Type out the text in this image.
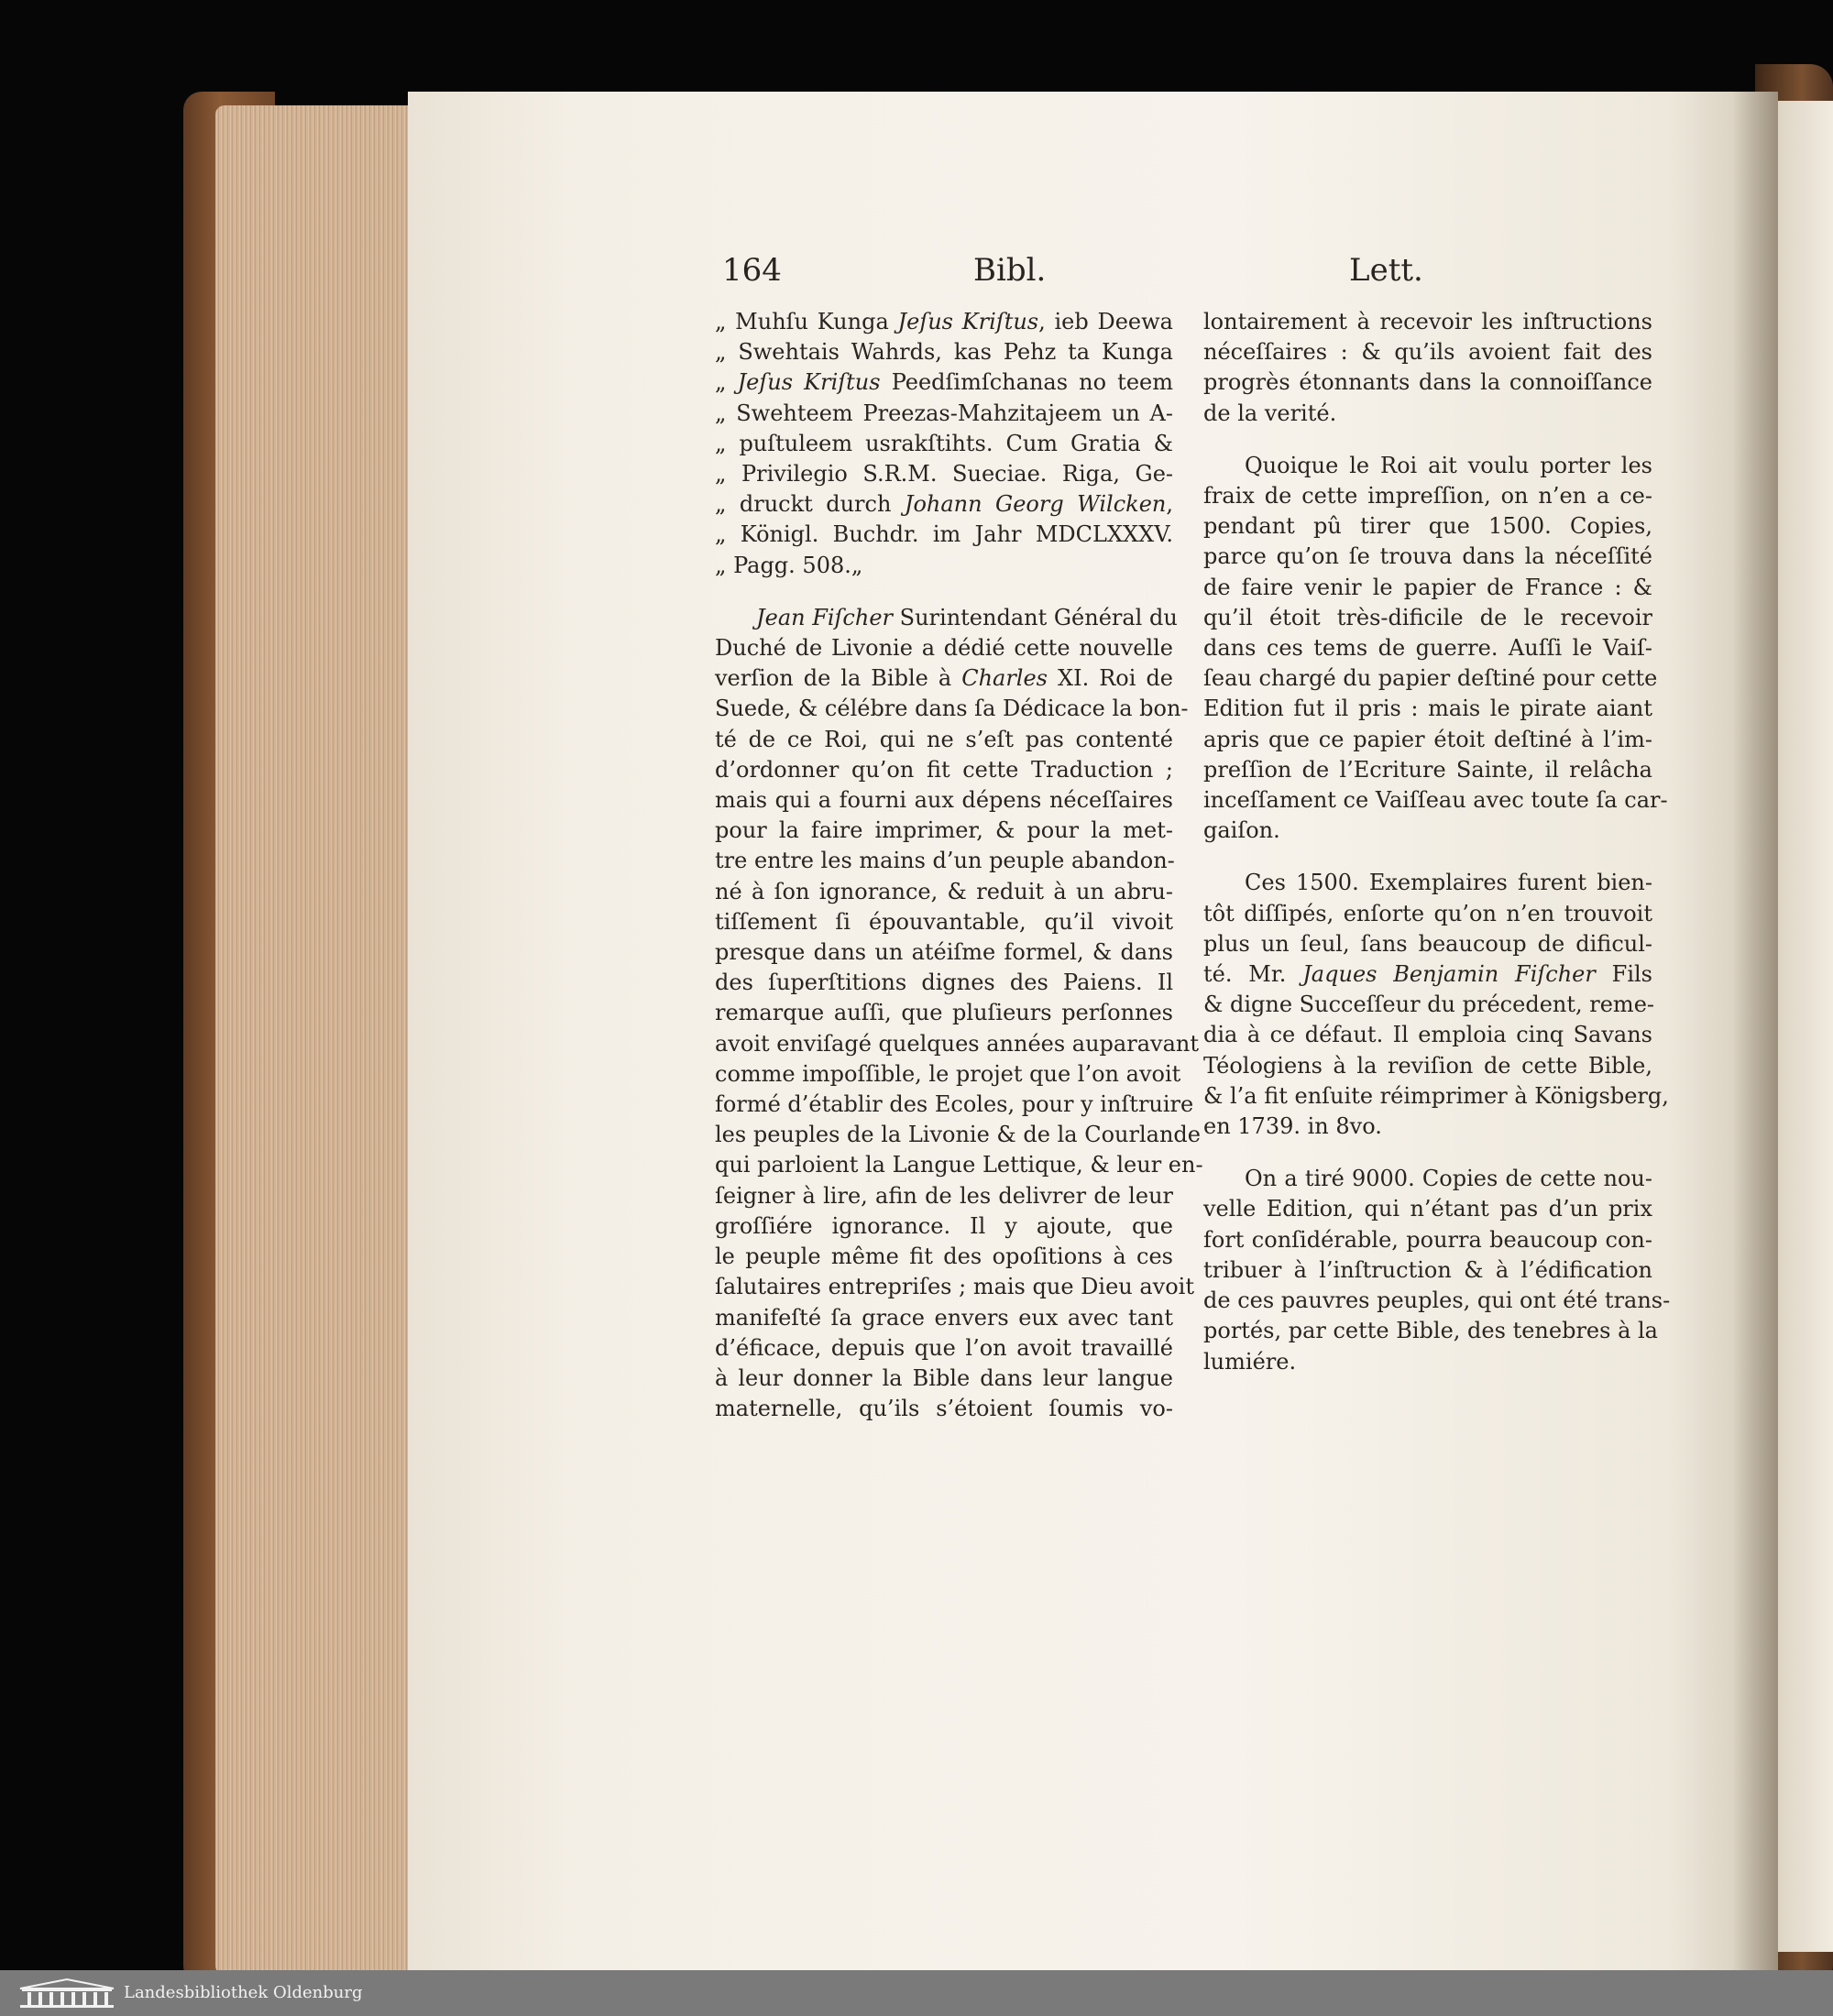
164	Bibl.	Lett.
„ Muhſu Kunga Jeſus Kriſtus, ieb Deewa
„ Swehtais Wahrds, kas Pehz ta Kunga
„ Jeſus Kriſtus Peedſimſchanas no teem
„ Swehteem Preezas-Mahzitajeem un A-
„ puſtuleem usrakſtihts. Cum Gratia &
„ Privilegio S.R.M. Sueciae. Riga, Ge-
„ druckt durch Johann Georg Wilcken,
„ Königl. Buchdr. im Jahr MDCLXXXV.
„ Pagg. 508.„
Jean Fiſcher Surintendant Général du
Duché de Livonie a dédié cette nouvelle
verſion de la Bible à Charles XI. Roi de
Suede, & célébre dans ſa Dédicace la bon-
té de ce Roi, qui ne s’eſt pas contenté
d’ordonner qu’on fit cette Traduction ;
mais qui a fourni aux dépens néceſſaires
pour la faire imprimer, & pour la met-
tre entre les mains d’un peuple abandon-
né à ſon ignorance, & reduit à un abru-
tiſſement ſi épouvantable, qu’il vivoit
presque dans un atéiſme formel, & dans
des ſuperſtitions dignes des Paiens. Il
remarque auſſi, que pluſieurs perſonnes
avoit enviſagé quelques années auparavant
comme impoſſible, le projet que l’on avoit
formé d’établir des Ecoles, pour y inſtruire
les peuples de la Livonie & de la Courlande
qui parloient la Langue Lettique, & leur en-
ſeigner à lire, afin de les delivrer de leur
groſſiére ignorance. Il y ajoute, que
le peuple même fit des opoſitions à ces
ſalutaires entrepriſes ; mais que Dieu avoit
manifeſté ſa grace envers eux avec tant
d’éficace, depuis que l’on avoit travaillé
à leur donner la Bible dans leur langue
maternelle, qu’ils s’étoient ſoumis vo-
lontairement à recevoir les inſtructions
néceſſaires : & qu’ils avoient fait des
progrès étonnants dans la connoiſſance
de la verité.
Quoique le Roi ait voulu porter les
fraix de cette impreſſion, on n’en a ce-
pendant pû tirer que 1500. Copies,
parce qu’on ſe trouva dans la néceſſité
de faire venir le papier de France : &
qu’il étoit très-dificile de le recevoir
dans ces tems de guerre. Auſſi le Vaiſ-
ſeau chargé du papier deſtiné pour cette
Edition fut il pris : mais le pirate aiant
apris que ce papier étoit deſtiné à l’im-
preſſion de l’Ecriture Sainte, il relâcha
inceſſament ce Vaiſſeau avec toute ſa car-
gaiſon.
Ces 1500. Exemplaires furent bien-
tôt diſſipés, enſorte qu’on n’en trouvoit
plus un ſeul, ſans beaucoup de dificul-
té. Mr. Jaques Benjamin Fiſcher Fils
& digne Succeſſeur du précedent, reme-
dia à ce défaut. Il emploia cinq Savans
Téologiens à la reviſion de cette Bible,
& l’a fit enſuite réimprimer à Königsberg,
en 1739. in 8vo.
On a tiré 9000. Copies de cette nou-
velle Edition, qui n’étant pas d’un prix
fort conſidérable, pourra beaucoup con-
tribuer à l’inſtruction & à l’édification
de ces pauvres peuples, qui ont été trans-
portés, par cette Bible, des tenebres à la
lumiére.
Landesbibliothek Oldenburg
